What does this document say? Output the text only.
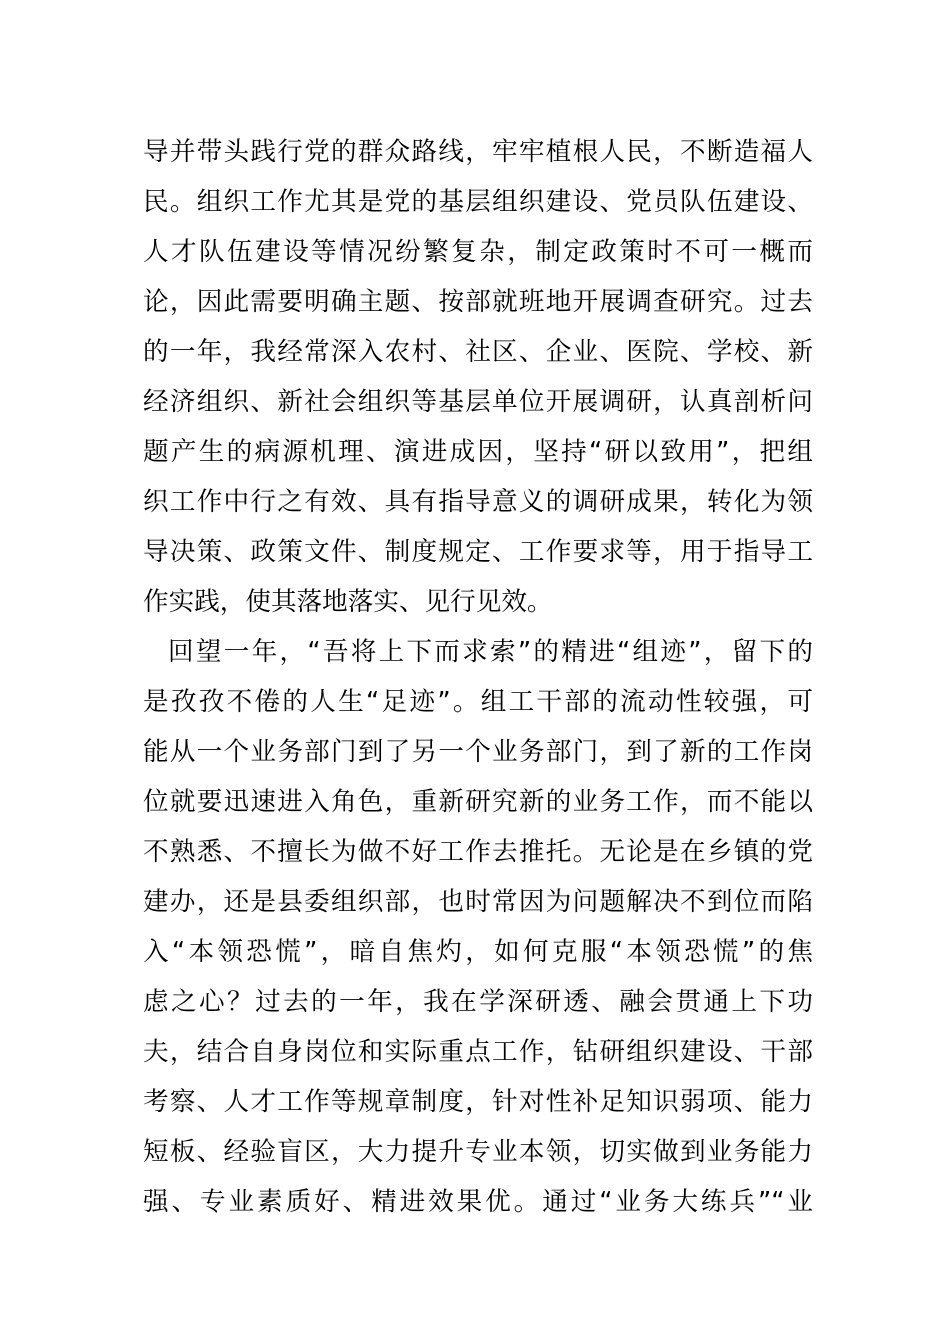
导并带头践行党的群众路线，牢牢植根人民，不断造福人
民。组织工作尤其是党的基层组织建设、党员队伍建设、
人才队伍建设等情况纷繁复杂，制定政策时不可一概而
论，因此需要明确主题、按部就班地开展调查研究。过去
的一年，我经常深入农村、社区、企业、医院、学校、新
经济组织、新社会组织等基层单位开展调研，认真剖析问
题产生的病源机理、演进成因，坚持“研以致用”，把组
织工作中行之有效、具有指导意义的调研成果，转化为领
导决策、政策文件、制度规定、工作要求等，用于指导工
作实践，使其落地落实、见行见效。
回望一年，“吾将上下而求索”的精进“组迹”，留下的
是孜孜不倦的人生“足迹”。组工干部的流动性较强，可
能从一个业务部门到了另一个业务部门，到了新的工作岗
位就要迅速进入角色，重新研究新的业务工作，而不能以
不熟悉、不擅长为做不好工作去推托。无论是在乡镇的党
建办，还是县委组织部，也时常因为问题解决不到位而陷
入“本领恐慌”，暗自焦灼，如何克服“本领恐慌”的焦
虑之心？过去的一年，我在学深研透、融会贯通上下功
夫，结合自身岗位和实际重点工作，钻研组织建设、干部
考察、人才工作等规章制度，针对性补足知识弱项、能力
短板、经验盲区，大力提升专业本领，切实做到业务能力
强、专业素质好、精进效果优。通过“业务大练兵”“业
